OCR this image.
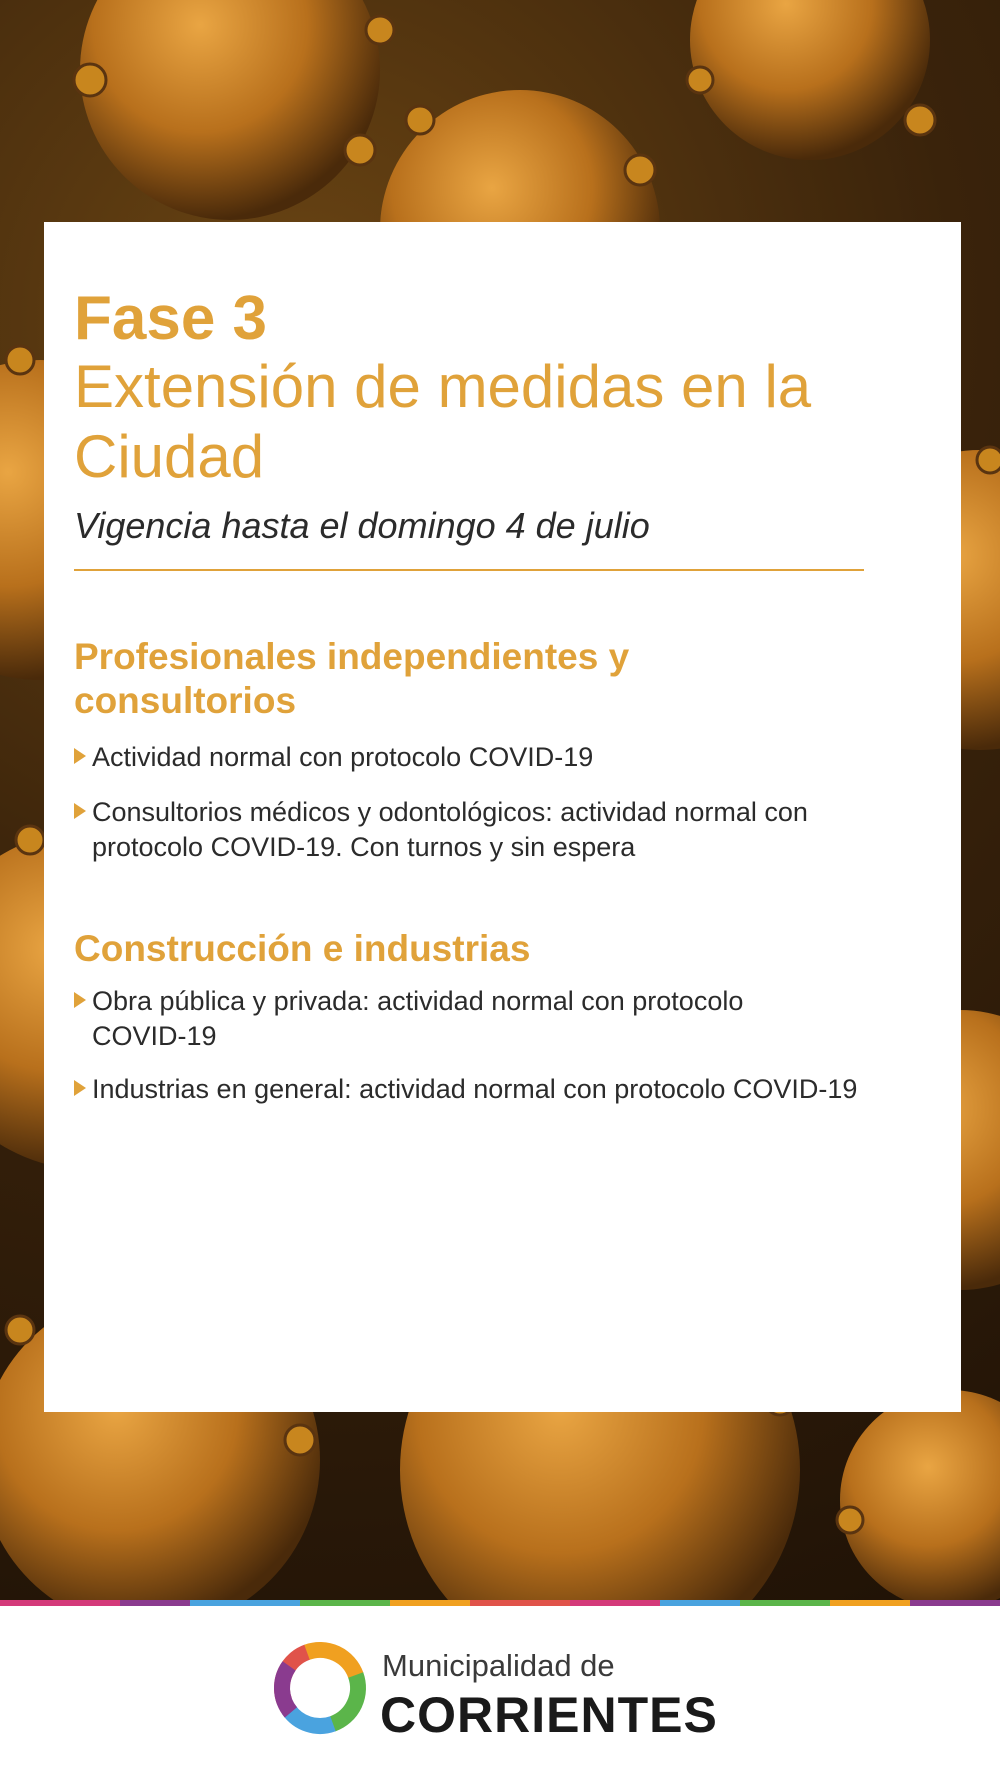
Fase 3
Extensión de medidas en la Ciudad
Vigencia hasta el domingo 4 de julio
Profesionales independientes y consultorios
Actividad normal con protocolo COVID-19
Consultorios médicos y odontológicos: actividad normal con protocolo COVID-19. Con turnos y sin espera
Construcción e industrias
Obra pública y privada: actividad normal con protocolo COVID-19
Industrias en general: actividad normal con protocolo COVID-19
Municipalidad de
CORRIENTES
